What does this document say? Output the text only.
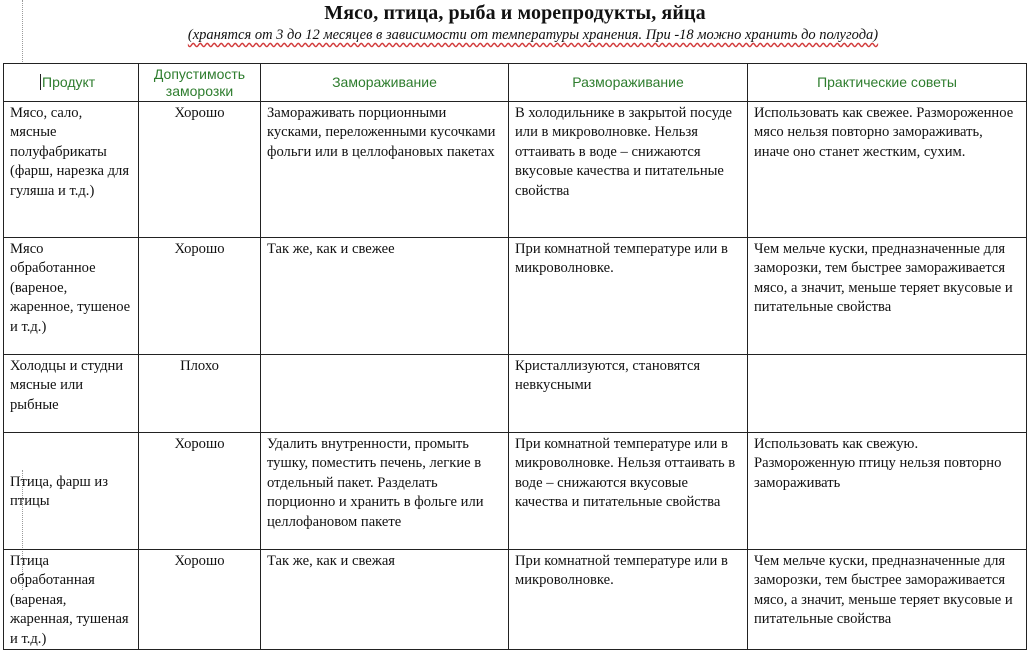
Мясо, птица, рыба и морепродукты, яйца
(хранятся от 3 до 12 месяцев в зависимости от температуры хранения. При -18 можно хранить до полугода)
Продукт	Допустимость заморозки	Замораживание	Размораживание	Практические советы
Мясо, сало, мясные полуфабрикаты (фарш, нарезка для гуляша и т.д.)	Хорошо	Замораживать порционными кусками, переложенными кусочками фольги или в целлофановых пакетах	В холодильнике в закрытой посуде или в микроволновке. Нельзя оттаивать в воде – снижаются вкусовые качества и питательные свойства	Использовать как свежее. Размороженное мясо нельзя повторно замораживать, иначе оно станет жестким, сухим.
Мясо обработанное (вареное, жаренное, тушеное и т.д.)	Хорошо	Так же, как и свежее	При комнатной температуре или в микроволновке.	Чем мельче куски, предназначенные для заморозки, тем быстрее замораживается мясо, а значит, меньше теряет вкусовые и питательные свойства
Холодцы и студни мясные или рыбные	Плохо		Кристаллизуются, становятся невкусными	
Птица, фарш из птицы	Хорошо	Удалить внутренности, промыть тушку, поместить печень, легкие в отдельный пакет. Разделать порционно и хранить в фольге или целлофановом пакете	При комнатной температуре или в микроволновке. Нельзя оттаивать в воде – снижаются вкусовые качества и питательные свойства	Использовать как свежую. Размороженную птицу нельзя повторно замораживать
Птица обработанная (вареная, жаренная, тушеная и т.д.)	Хорошо	Так же, как и свежая	При комнатной температуре или в микроволновке.	Чем мельче куски, предназначенные для заморозки, тем быстрее замораживается мясо, а значит, меньше теряет вкусовые и питательные свойства
